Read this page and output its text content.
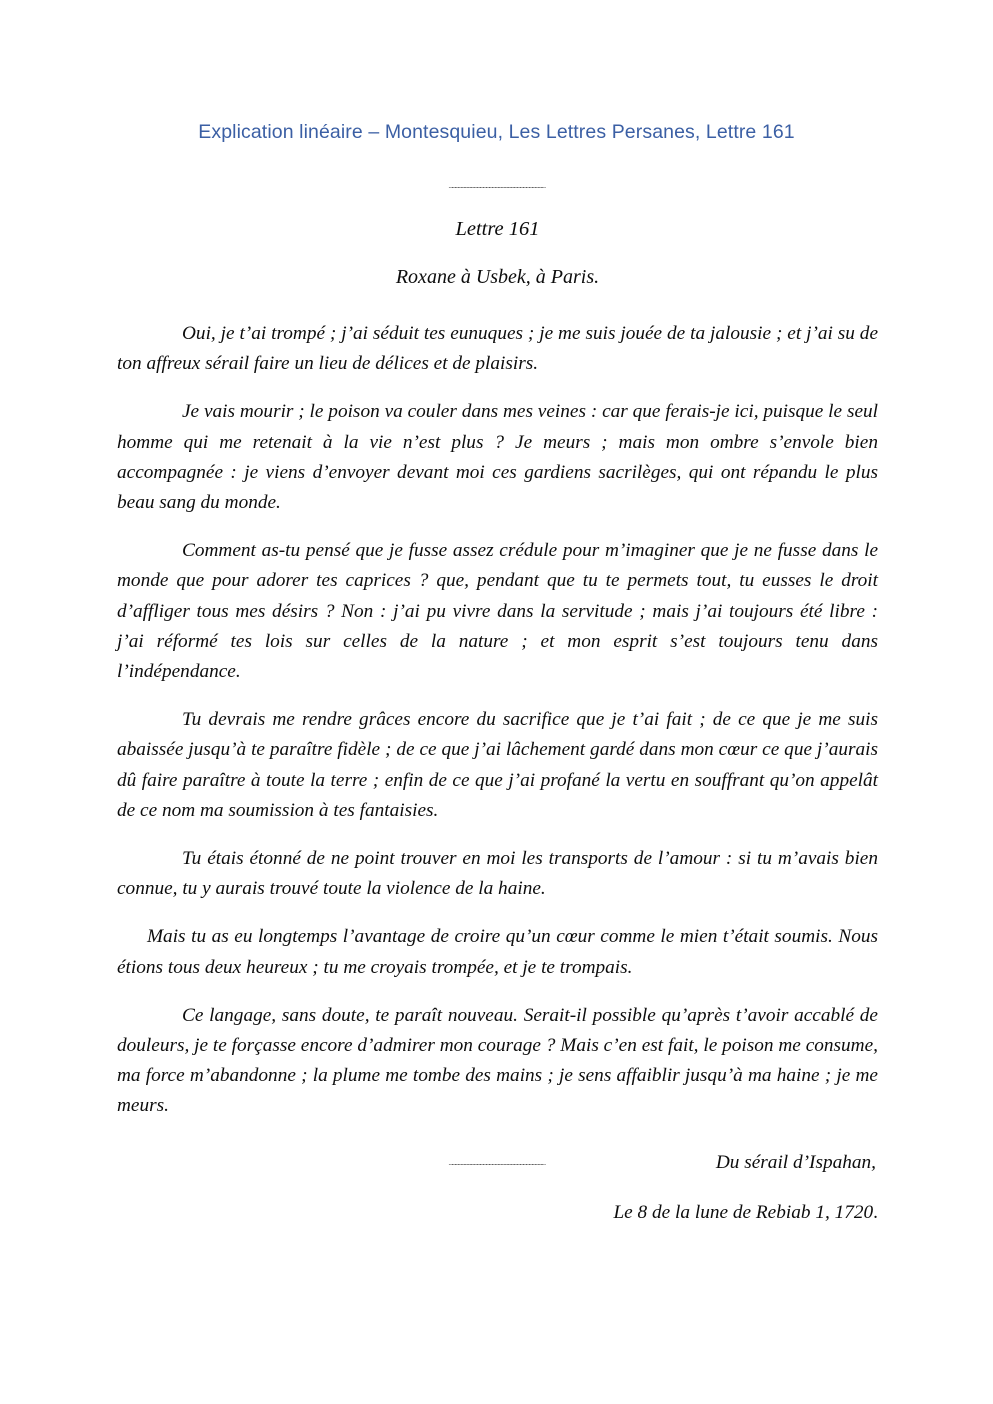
Explication linéaire – Montesquieu, Les Lettres Persanes, Lettre 161
~~~~~~~~~~~~~~~~~~~~~~~~~~~~~~~
Lettre 161
Roxane à Usbek, à Paris.

Oui, je t’ai trompé ; j’ai séduit tes eunuques ; je me suis jouée de ta jalousie ; et j’ai su de ton affreux sérail faire un lieu de délices et de plaisirs.

Je vais mourir ; le poison va couler dans mes veines : car que ferais-je ici, puisque le seul homme qui me retenait à la vie n’est plus ? Je meurs ; mais mon ombre s’envole bien accompagnée : je viens d’envoyer devant moi ces gardiens sacrilèges, qui ont répandu le plus beau sang du monde.

Comment as-tu pensé que je fusse assez crédule pour m’imaginer que je ne fusse dans le monde que pour adorer tes caprices ? que, pendant que tu te permets tout, tu eusses le droit d’affliger tous mes désirs ? Non : j’ai pu vivre dans la servitude ; mais j’ai toujours été libre : j’ai réformé tes lois sur celles de la nature ; et mon esprit s’est toujours tenu dans l’indépendance.

Tu devrais me rendre grâces encore du sacrifice que je t’ai fait ; de ce que je me suis abaissée jusqu’à te paraître fidèle ; de ce que j’ai lâchement gardé dans mon cœur ce que j’aurais dû faire paraître à toute la terre ; enfin de ce que j’ai profané la vertu en souffrant qu’on appelât de ce nom ma soumission à tes fantaisies.

Tu étais étonné de ne point trouver en moi les transports de l’amour : si tu m’avais bien connue, tu y aurais trouvé toute la violence de la haine.

Mais tu as eu longtemps l’avantage de croire qu’un cœur comme le mien t’était soumis. Nous étions tous deux heureux ; tu me croyais trompée, et je te trompais.

Ce langage, sans doute, te paraît nouveau. Serait-il possible qu’après t’avoir accablé de douleurs, je te forçasse encore d’admirer mon courage ? Mais c’en est fait, le poison me consume, ma force m’abandonne ; la plume me tombe des mains ; je sens affaiblir jusqu’à ma haine ; je me meurs.

Du sérail d’Ispahan,

Le 8 de la lune de Rebiab 1, 1720.

~~~~~~~~~~~~~~~~~~~~~~~~~~~~~~~
